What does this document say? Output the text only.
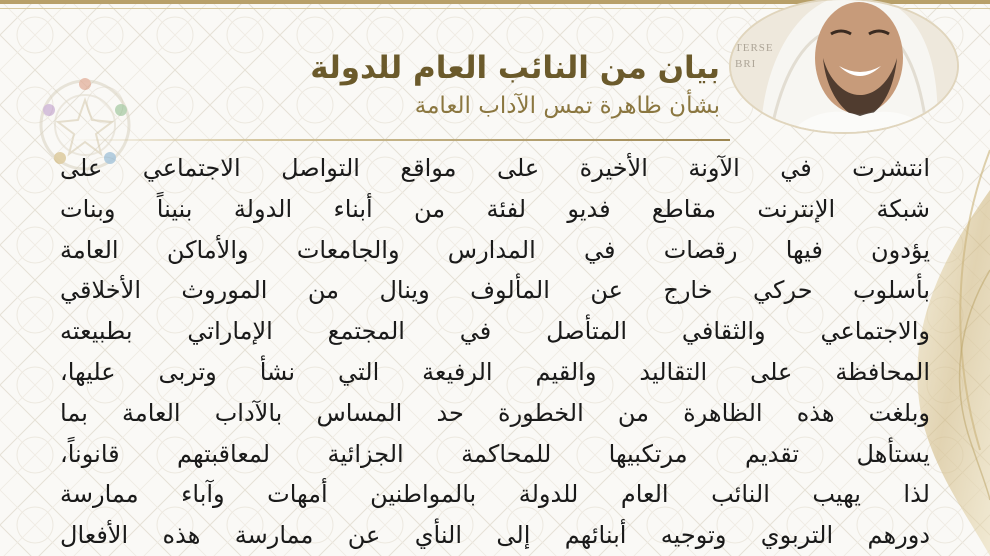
TERSE
BRI
بيان من النائب العام للدولة

بشأن ظاهرة تمس الآداب العامة

انتشرت في الآونة الأخيرة على مواقع التواصل الاجتماعي على
شبكة الإنترنت مقاطع فديو لفئة من أبناء الدولة بنيناً وبنات
يؤدون فيها رقصات في المدارس والجامعات والأماكن العامة
بأسلوب حركي خارج عن المألوف وينال من الموروث الأخلاقي
والاجتماعي والثقافي المتأصل في المجتمع الإماراتي بطبيعته
المحافظة على التقاليد والقيم الرفيعة التي نشأ وتربى عليها،
وبلغت هذه الظاهرة من الخطورة حد المساس بالآداب العامة بما
يستأهل تقديم مرتكبيها للمحاكمة الجزائية لمعاقبتهم قانوناً،
لذا يهيب النائب العام للدولة بالمواطنين أمهات وآباء ممارسة
دورهم التربوي وتوجيه أبنائهم إلى النأي عن ممارسة هذه الأفعال
